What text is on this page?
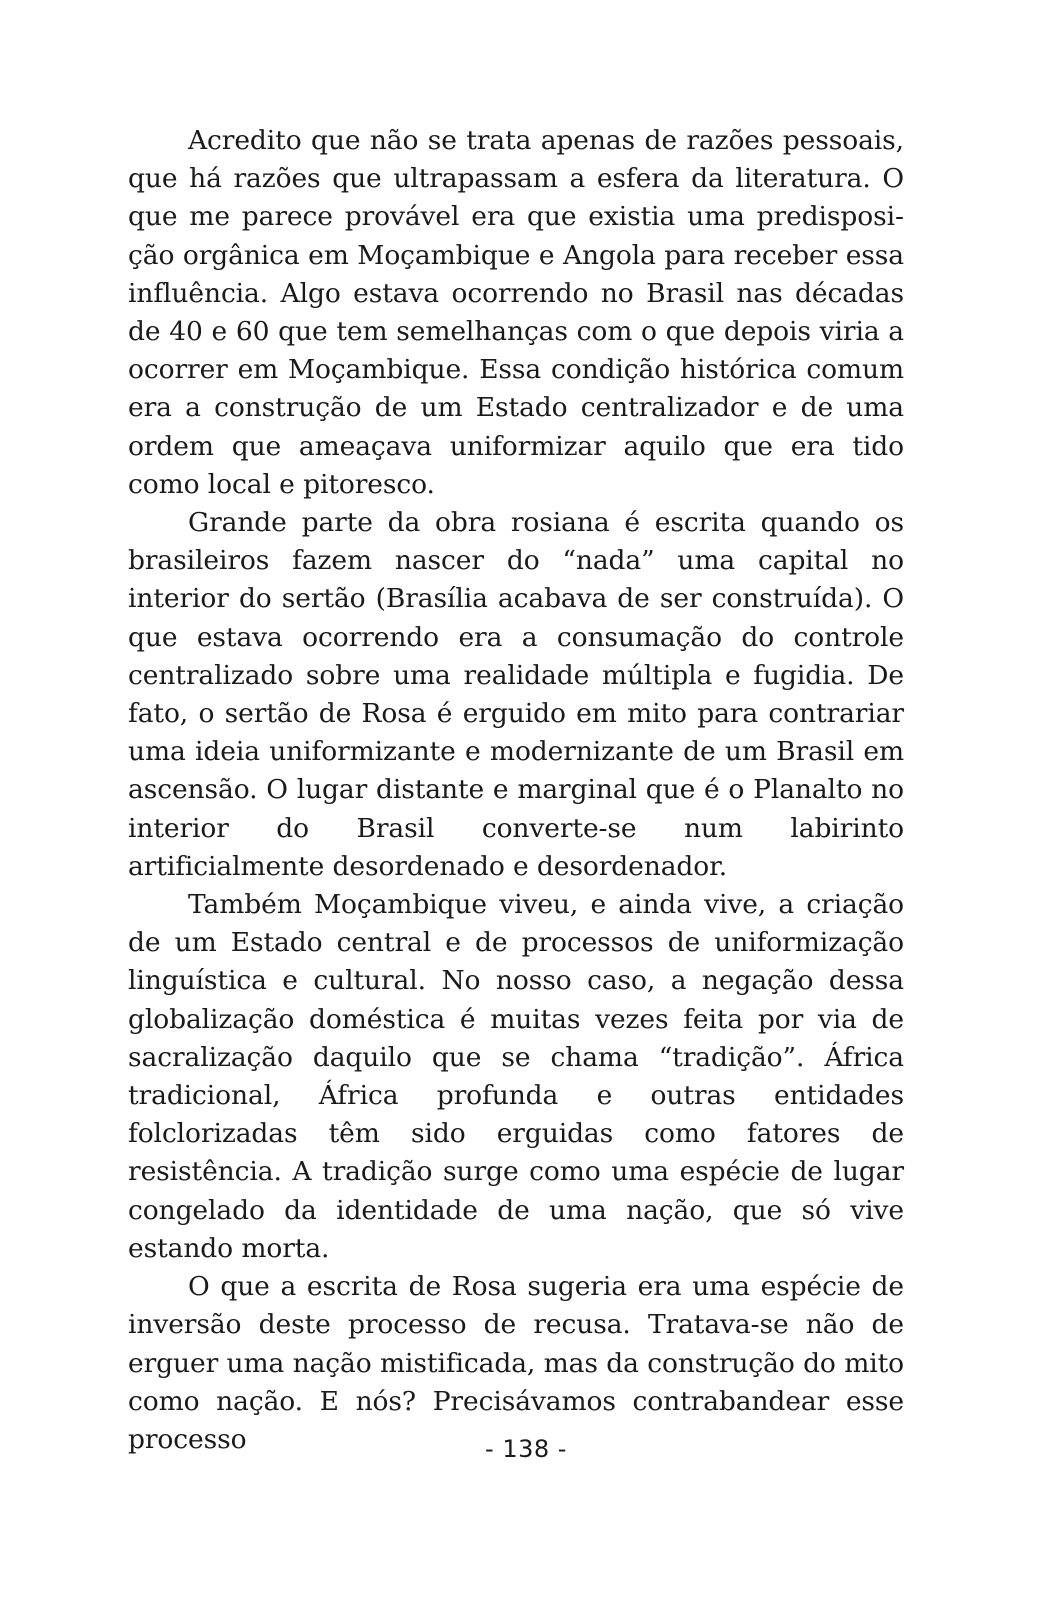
Acredito que não se trata apenas de razões pessoais, que há razões que ultrapassam a esfera da literatura. O que me parece provável era que existia uma predisposição orgânica em Moçambique e Angola para receber essa influência. Algo estava ocorrendo no Brasil nas décadas de 40 e 60 que tem semelhanças com o que depois viria a ocorrer em Moçambique. Essa condição histórica comum era a construção de um Estado centralizador e de uma ordem que ameaçava uniformizar aquilo que era tido como local e pitoresco.

Grande parte da obra rosiana é escrita quando os brasileiros fazem nascer do “nada” uma capital no interior do sertão (Brasília acabava de ser construída). O que estava ocorrendo era a consumação do controle centralizado sobre uma realidade múltipla e fugidia. De fato, o sertão de Rosa é erguido em mito para contrariar uma ideia uniformizante e modernizante de um Brasil em ascensão. O lugar distante e marginal que é o Planalto no interior do Brasil converte-se num labirinto artificialmente desordenado e desordenador.

Também Moçambique viveu, e ainda vive, a criação de um Estado central e de processos de uniformização linguística e cultural. No nosso caso, a negação dessa globalização doméstica é muitas vezes feita por via de sacralização daquilo que se chama “tradição”. África tradicional, África profunda e outras entidades folclorizadas têm sido erguidas como fatores de resistência. A tradição surge como uma espécie de lugar congelado da identidade de uma nação, que só vive estando morta.

O que a escrita de Rosa sugeria era uma espécie de inversão deste processo de recusa. Tratava-se não de erguer uma nação mistificada, mas da construção do mito como nação. E nós? Precisávamos contrabandear esse processo	- 138 -
